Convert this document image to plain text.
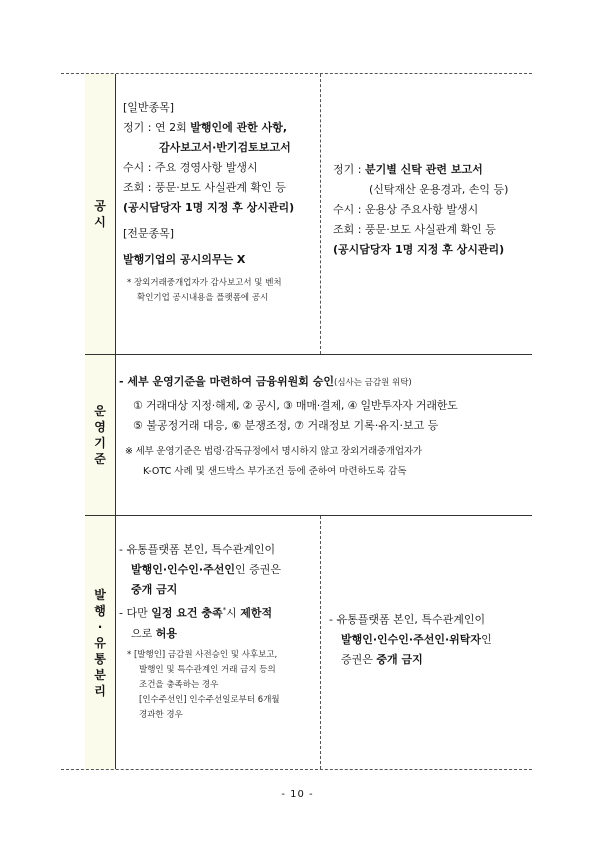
공
시

[일반종목]

정기 : 연 2회 발행인에 관한 사항,

감사보고서·반기검토보고서

수시 : 주요 경영사항 발생시

조회 : 풍문·보도 사실관계 확인 등

(공시담당자 1명 지정 후 상시관리)

[전문종목]

발행기업의 공시의무는 X

* 장외거래중개업자가 감사보고서 및 벤처

확인기업 공시내용을 플랫폼에 공시

정기 : 분기별 신탁 관련 보고서

(신탁재산 운용경과, 손익 등)

수시 : 운용상 주요사항 발생시

조회 : 풍문·보도 사실관계 확인 등

(공시담당자 1명 지정 후 상시관리)

운
영
기
준

- 세부 운영기준을 마련하여 금융위원회 승인(심사는 금감원 위탁)

① 거래대상 지정·해제, ② 공시, ③ 매매·결제, ④ 일반투자자 거래한도

⑤ 불공정거래 대응, ⑥ 분쟁조정, ⑦ 거래정보 기록·유지·보고 등

※ 세부 운영기준은 법령·감독규정에서 명시하지 않고 장외거래중개업자가

K-OTC 사례 및 샌드박스 부가조건 등에 준하여 마련하도록 감독

발
행
·
유
통
분
리

- 유통플랫폼 본인, 특수관계인이

발행인·인수인·주선인인 증권은

중개 금지

- 다만 일정 요건 충족*시 제한적

으로 허용

* [발행인] 금감원 사전승인 및 사후보고,

발행인 및 특수관계인 거래 금지 등의

조건을 충족하는 경우

[인수주선인] 인수주선일로부터 6개월

경과한 경우

- 유통플랫폼 본인, 특수관계인이

발행인·인수인·주선인·위탁자인

증권은 중개 금지

- 10 -
